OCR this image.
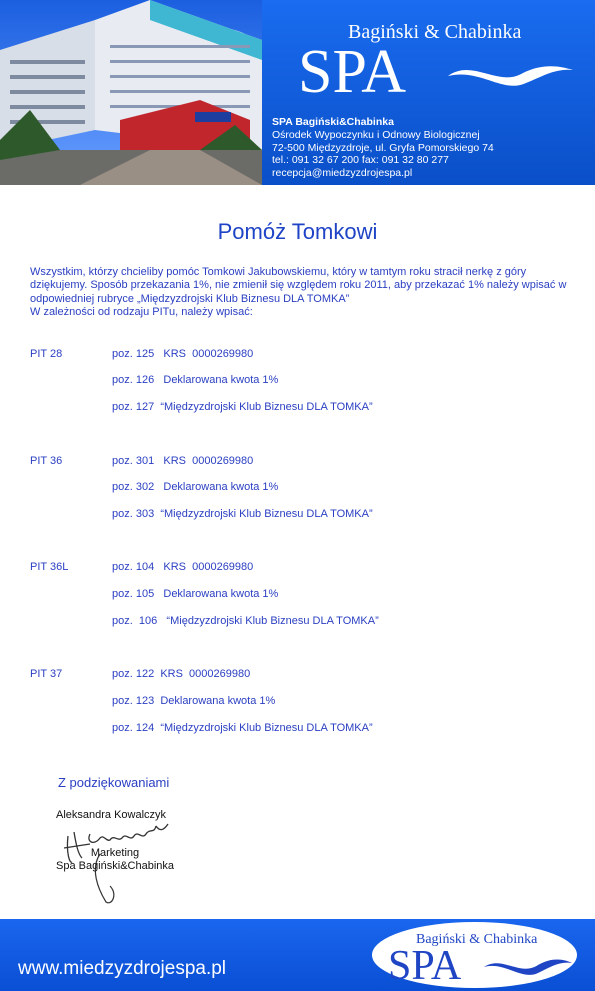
Bagiński & Chabinka
SPA
SPA Bagiński&Chabinka
Ośrodek Wypoczynku i Odnowy Biologicznej
72-500 Międzyzdroje, ul. Gryfa Pomorskiego 74
tel.: 091 32 67 200 fax: 091 32 80 277
recepcja@miedzyzdrojespa.pl
Pomóż Tomkowi

Wszystkim, którzy chcieliby pomóc Tomkowi Jakubowskiemu, który w tamtym roku stracił nerkę z góry dziękujemy. Sposób przekazania 1%, nie zmienił się względem roku 2011, aby przekazać 1% należy wpisać w odpowiedniej rubryce „Międzyzdrojski Klub Biznesu DLA TOMKA”

W zależności od rodzaju PITu, należy wpisać:

PIT 28	poz. 125   KRS  0000269980
poz. 126   Deklarowana kwota 1%
poz. 127  “Międzyzdrojski Klub Biznesu DLA TOMKA”
PIT 36	poz. 301   KRS  0000269980
poz. 302   Deklarowana kwota 1%
poz. 303  “Międzyzdrojski Klub Biznesu DLA TOMKA”
PIT 36L	poz. 104   KRS  0000269980
poz. 105   Deklarowana kwota 1%
poz.  106   “Międzyzdrojski Klub Biznesu DLA TOMKA”
PIT 37	poz. 122  KRS  0000269980
poz. 123  Deklarowana kwota 1%
poz. 124  “Międzyzdrojski Klub Biznesu DLA TOMKA”
Z podziękowaniami
Aleksandra Kowalczyk
Marketing
Spa Bagiński&Chabinka
www.miedzyzdrojespa.pl
Bagiński & Chabinka
SPA
